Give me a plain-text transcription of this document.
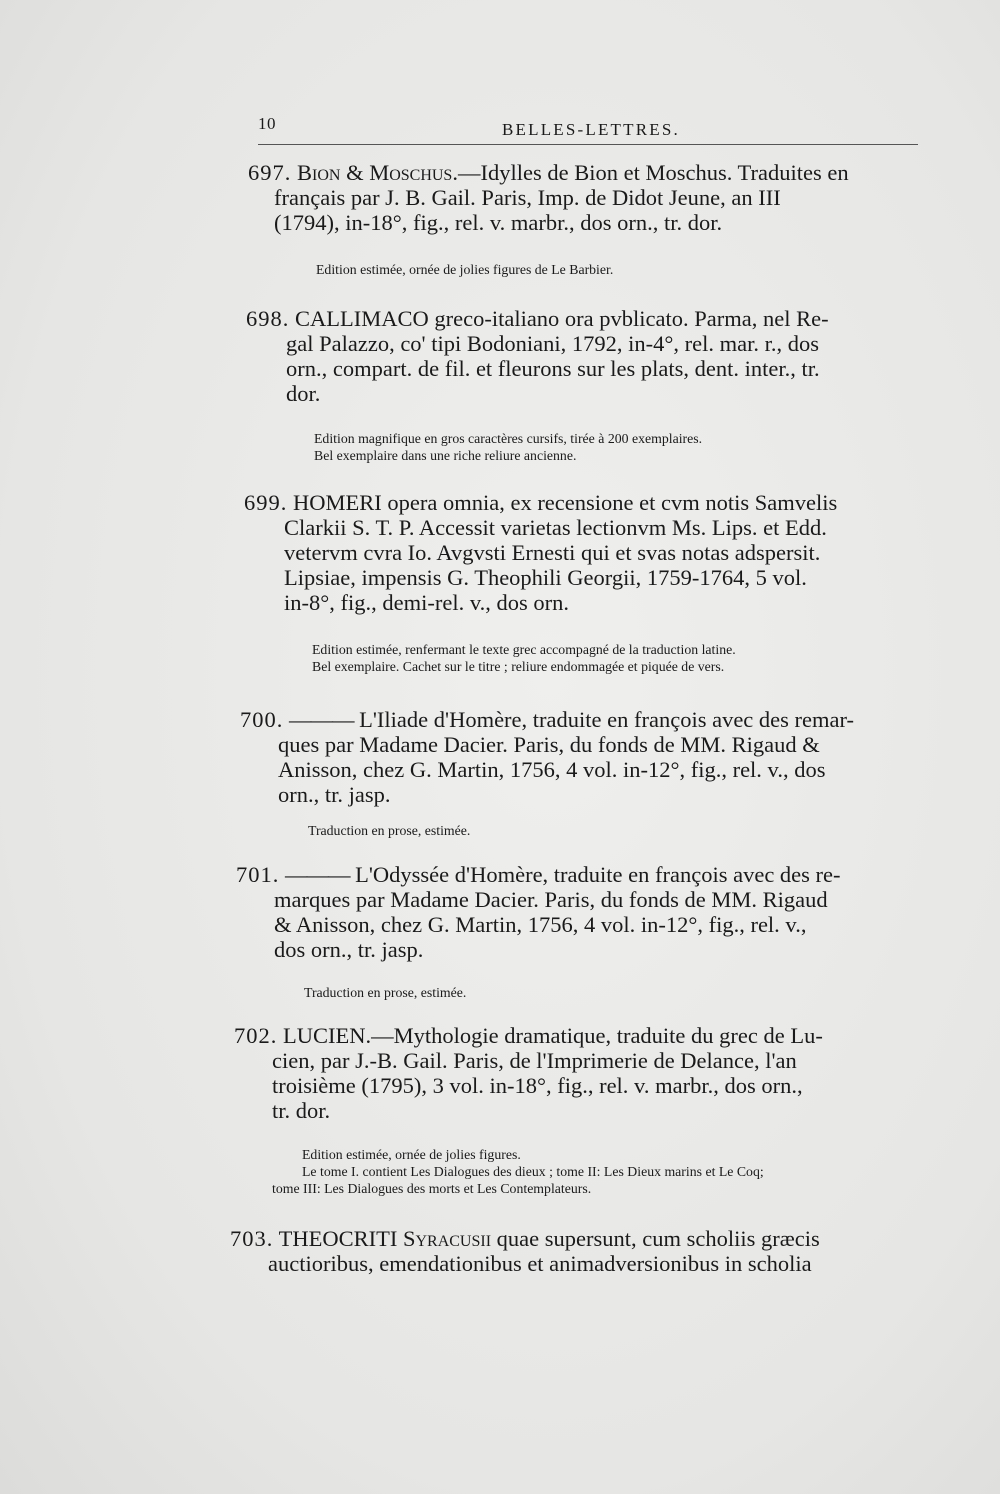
10	BELLES-LETTRES.
697. Bion & Moschus.—Idylles de Bion et Moschus. Traduites en
français par J. B. Gail. Paris, Imp. de Didot Jeune, an III
(1794), in-18°, fig., rel. v. marbr., dos orn., tr. dor.

Edition estimée, ornée de jolies figures de Le Barbier.

698. CALLIMACO greco-italiano ora pvblicato. Parma, nel Re-
gal Palazzo, co' tipi Bodoniani, 1792, in-4°, rel. mar. r., dos
orn., compart. de fil. et fleurons sur les plats, dent. inter., tr.
dor.

Edition magnifique en gros caractères cursifs, tirée à 200 exemplaires.

Bel exemplaire dans une riche reliure ancienne.

699. HOMERI opera omnia, ex recensione et cvm notis Samvelis
Clarkii S. T. P. Accessit varietas lectionvm Ms. Lips. et Edd.
vetervm cvra Io. Avgvsti Ernesti qui et svas notas adspersit.
Lipsiae, impensis G. Theophili Georgii, 1759-1764, 5 vol.
in-8°, fig., demi-rel. v., dos orn.

Edition estimée, renfermant le texte grec accompagné de la traduction latine.

Bel exemplaire. Cachet sur le titre ; reliure endommagée et piquée de vers.

700. ——— L'Iliade d'Homère, traduite en françois avec des remar-
ques par Madame Dacier. Paris, du fonds de MM. Rigaud &
Anisson, chez G. Martin, 1756, 4 vol. in-12°, fig., rel. v., dos
orn., tr. jasp.

Traduction en prose, estimée.

701. ——— L'Odyssée d'Homère, traduite en françois avec des re-
marques par Madame Dacier. Paris, du fonds de MM. Rigaud
& Anisson, chez G. Martin, 1756, 4 vol. in-12°, fig., rel. v.,
dos orn., tr. jasp.

Traduction en prose, estimée.

702. LUCIEN.—Mythologie dramatique, traduite du grec de Lu-
cien, par J.-B. Gail. Paris, de l'Imprimerie de Delance, l'an
troisième (1795), 3 vol. in-18°, fig., rel. v. marbr., dos orn.,
tr. dor.

Edition estimée, ornée de jolies figures.

Le tome I. contient Les Dialogues des dieux ; tome II: Les Dieux marins et Le Coq;

tome III: Les Dialogues des morts et Les Contemplateurs.

703. THEOCRITI Syracusii quae supersunt, cum scholiis græcis
auctioribus, emendationibus et animadversionibus in scholia
